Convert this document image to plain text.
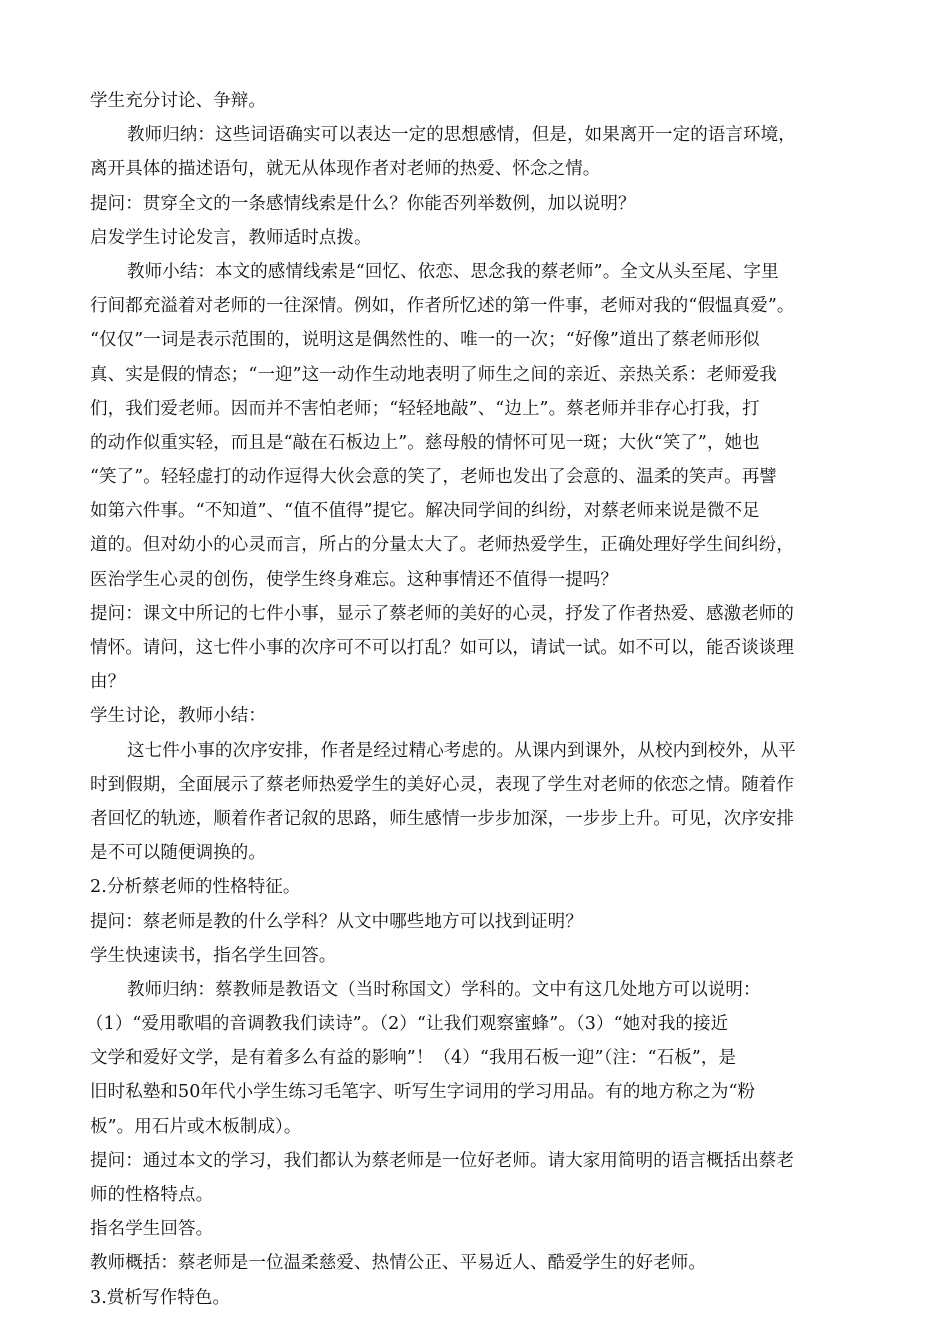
学生充分讨论、争辩。
教师归纳：这些词语确实可以表达一定的思想感情，但是，如果离开一定的语言环境，
离开具体的描述语句，就无从体现作者对老师的热爱、怀念之情。
提问：贯穿全文的一条感情线索是什么？你能否列举数例，加以说明？
启发学生讨论发言，教师适时点拨。
教师小结：本文的感情线索是“回忆、依恋、思念我的蔡老师”。全文从头至尾、字里
行间都充溢着对老师的一往深情。例如，作者所忆述的第一件事，老师对我的“假愠真爱”。
“仅仅”一词是表示范围的，说明这是偶然性的、唯一的一次；“好像”道出了蔡老师形似
真、实是假的情态；“一迎”这一动作生动地表明了师生之间的亲近、亲热关系：老师爱我
们，我们爱老师。因而并不害怕老师；“轻轻地敲”、“边上”。蔡老师并非存心打我，打
的动作似重实轻，而且是“敲在石板边上”。慈母般的情怀可见一斑；大伙“笑了”，她也
“笑了”。轻轻虚打的动作逗得大伙会意的笑了，老师也发出了会意的、温柔的笑声。再譬
如第六件事。“不知道”、“值不值得”提它。解决同学间的纠纷，对蔡老师来说是微不足
道的。但对幼小的心灵而言，所占的分量太大了。老师热爱学生，正确处理好学生间纠纷，
医治学生心灵的创伤，使学生终身难忘。这种事情还不值得一提吗？
提问：课文中所记的七件小事，显示了蔡老师的美好的心灵，抒发了作者热爱、感激老师的
情怀。请问，这七件小事的次序可不可以打乱？如可以，请试一试。如不可以，能否谈谈理
由？
学生讨论，教师小结：
这七件小事的次序安排，作者是经过精心考虑的。从课内到课外，从校内到校外，从平
时到假期，全面展示了蔡老师热爱学生的美好心灵，表现了学生对老师的依恋之情。随着作
者回忆的轨迹，顺着作者记叙的思路，师生感情一步步加深，一步步上升。可见，次序安排
是不可以随便调换的。
2.分析蔡老师的性格特征。
提问：蔡老师是教的什么学科？从文中哪些地方可以找到证明？
学生快速读书，指名学生回答。
教师归纳：蔡教师是教语文（当时称国文）学科的。文中有这几处地方可以说明：
（1）“爱用歌唱的音调教我们读诗”。（2）“让我们观察蜜蜂”。（3）“她对我的接近
文学和爱好文学，是有着多么有益的影响”！（4）“我用石板一迎”（注：“石板”，是
旧时私塾和50年代小学生练习毛笔字、听写生字词用的学习用品。有的地方称之为“粉
板”。用石片或木板制成）。
提问：通过本文的学习，我们都认为蔡老师是一位好老师。请大家用简明的语言概括出蔡老
师的性格特点。
指名学生回答。
教师概括：蔡老师是一位温柔慈爱、热情公正、平易近人、酷爱学生的好老师。
3.赏析写作特色。
